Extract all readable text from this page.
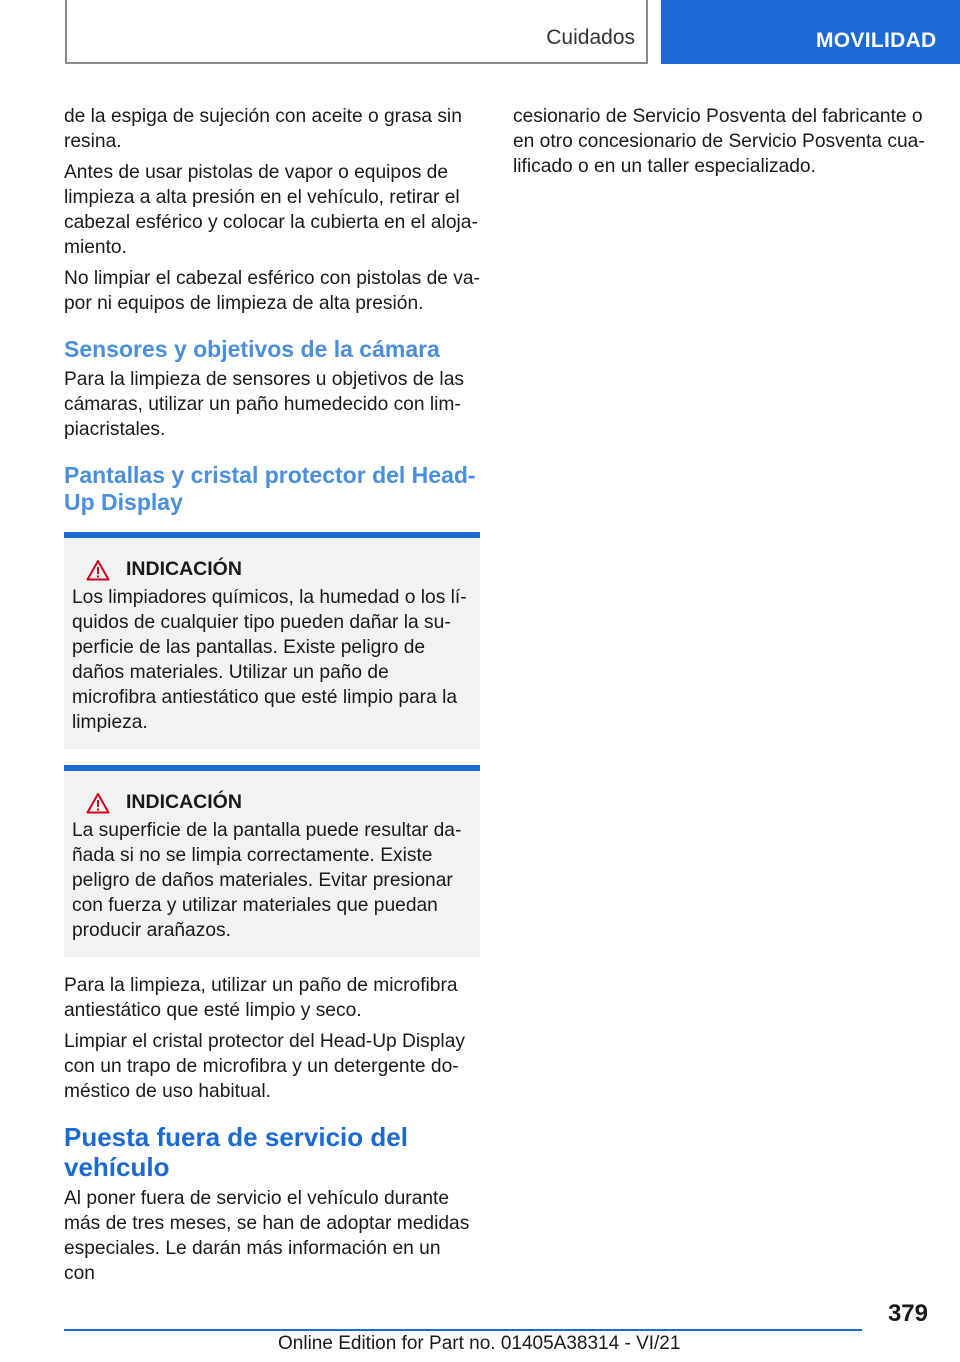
Cuidados	MOVILIDAD

de la espiga de sujeción con aceite o grasa sin resina.

Antes de usar pistolas de vapor o equipos de limpieza a alta presión en el vehículo, retirar el cabezal esférico y colocar la cubierta en el alojamiento.

No limpiar el cabezal esférico con pistolas de vapor ni equipos de limpieza de alta presión.

Sensores y objetivos de la cámara

Para la limpieza de sensores u objetivos de las cámaras, utilizar un paño humedecido con limpiacristales.

Pantallas y cristal protector del Head-Up Display
INDICACIÓN

Los limpiadores químicos, la humedad o los líquidos de cualquier tipo pueden dañar la superficie de las pantallas. Existe peligro de daños materiales. Utilizar un paño de microfibra antiestático que esté limpio para la limpieza.

INDICACIÓN

La superficie de la pantalla puede resultar dañada si no se limpia correctamente. Existe peligro de daños materiales. Evitar presionar con fuerza y utilizar materiales que puedan producir arañazos.

Para la limpieza, utilizar un paño de microfibra antiestático que esté limpio y seco.

Limpiar el cristal protector del Head-Up Display con un trapo de microfibra y un detergente doméstico de uso habitual.

Puesta fuera de servicio del vehículo

Al poner fuera de servicio el vehículo durante más de tres meses, se han de adoptar medidas especiales. Le darán más información en un con

cesionario de Servicio Posventa del fabricante o en otro concesionario de Servicio Posventa cualificado o en un taller especializado.

379
Online Edition for Part no. 01405A38314 - VI/21
